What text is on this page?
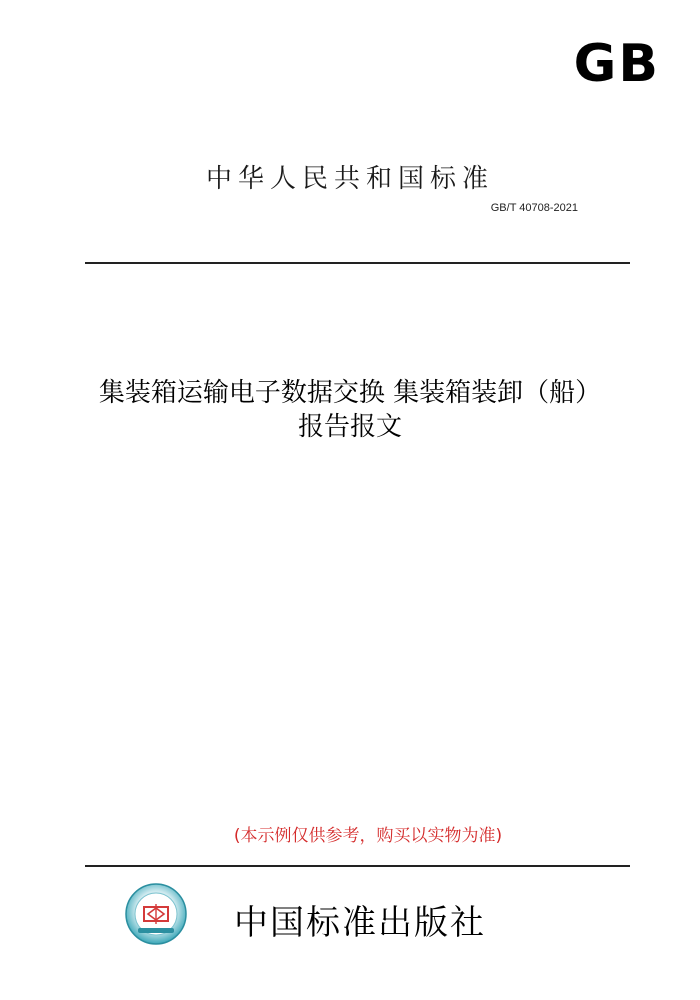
GB
中华人民共和国标准
GB/T 40708-2021
集装箱运输电子数据交换 集装箱装卸（船）
报告报文
(本示例仅供参考，购买以实物为准)
中国标准出版社
